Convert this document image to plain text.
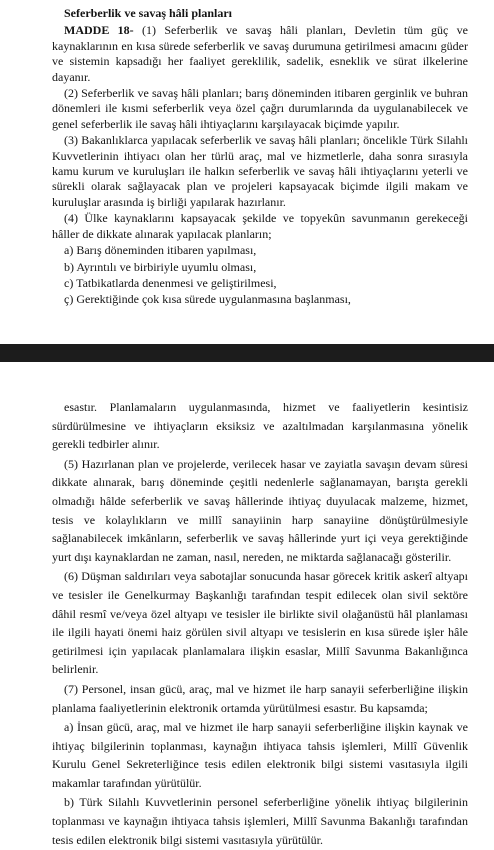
Seferberlik ve savaş hâli planları

MADDE 18- (1) Seferberlik ve savaş hâli planları, Devletin tüm güç ve kaynaklarının en kısa sürede seferberlik ve savaş durumuna getirilmesi amacını güder ve sistemin kapsadığı her faaliyet gereklilik, sadelik, esneklik ve sürat ilkelerine dayanır.

(2) Seferberlik ve savaş hâli planları; barış döneminden itibaren gerginlik ve buhran dönemleri ile kısmi seferberlik veya özel çağrı durumlarında da uygulanabilecek ve genel seferberlik ile savaş hâli ihtiyaçlarını karşılayacak biçimde yapılır.

(3) Bakanlıklarca yapılacak seferberlik ve savaş hâli planları; öncelikle Türk Silahlı Kuvvetlerinin ihtiyacı olan her türlü araç, mal ve hizmetlerle, daha sonra sırasıyla kamu kurum ve kuruluşları ile halkın seferberlik ve savaş hâli ihtiyaçlarını yeterli ve sürekli olarak sağlayacak plan ve projeleri kapsayacak biçimde ilgili makam ve kuruluşlar arasında iş birliği yapılarak hazırlanır.

(4) Ülke kaynaklarını kapsayacak şekilde ve topyekûn savunmanın gerekeceği hâller de dikkate alınarak yapılacak planların;

a) Barış döneminden itibaren yapılması,

b) Ayrıntılı ve birbiriyle uyumlu olması,

c) Tatbikatlarda denenmesi ve geliştirilmesi,

ç) Gerektiğinde çok kısa sürede uygulanmasına başlanması,

esastır. Planlamaların uygulanmasında, hizmet ve faaliyetlerin kesintisiz sürdürülmesine ve ihtiyaçların eksiksiz ve azaltılmadan karşılanmasına yönelik gerekli tedbirler alınır.

(5) Hazırlanan plan ve projelerde, verilecek hasar ve zayiatla savaşın devam süresi dikkate alınarak, barış döneminde çeşitli nedenlerle sağlanamayan, barışta gerekli olmadığı hâlde seferberlik ve savaş hâllerinde ihtiyaç duyulacak malzeme, hizmet, tesis ve kolaylıkların ve millî sanayiinin harp sanayiine dönüştürülmesiyle sağlanabilecek imkânların, seferberlik ve savaş hâllerinde yurt içi veya gerektiğinde yurt dışı kaynaklardan ne zaman, nasıl, nereden, ne miktarda sağlanacağı gösterilir.

(6) Düşman saldırıları veya sabotajlar sonucunda hasar görecek kritik askerî altyapı ve tesisler ile Genelkurmay Başkanlığı tarafından tespit edilecek olan sivil sektöre dâhil resmî ve/veya özel altyapı ve tesisler ile birlikte sivil olağanüstü hâl planlaması ile ilgili hayati önemi haiz görülen sivil altyapı ve tesislerin en kısa sürede işler hâle getirilmesi için yapılacak planlamalara ilişkin esaslar, Millî Savunma Bakanlığınca belirlenir.

(7) Personel, insan gücü, araç, mal ve hizmet ile harp sanayii seferberliğine ilişkin planlama faaliyetlerinin elektronik ortamda yürütülmesi esastır. Bu kapsamda;

a) İnsan gücü, araç, mal ve hizmet ile harp sanayii seferberliğine ilişkin kaynak ve ihtiyaç bilgilerinin toplanması, kaynağın ihtiyaca tahsis işlemleri, Millî Güvenlik Kurulu Genel Sekreterliğince tesis edilen elektronik bilgi sistemi vasıtasıyla ilgili makamlar tarafından yürütülür.

b) Türk Silahlı Kuvvetlerinin personel seferberliğine yönelik ihtiyaç bilgilerinin toplanması ve kaynağın ihtiyaca tahsis işlemleri, Millî Savunma Bakanlığı tarafından tesis edilen elektronik bilgi sistemi vasıtasıyla yürütülür.
